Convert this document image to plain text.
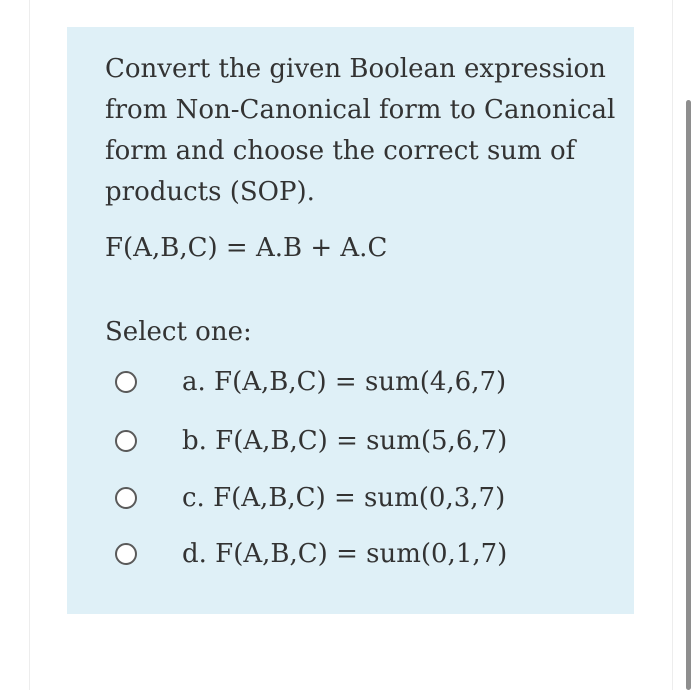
Convert the given Boolean expression from Non-Canonical form to Canonical form and choose the correct sum of products (SOP).

F(A,B,C) = A.B + A.C

Select one:

a. F(A,B,C) = sum(4,6,7)
b. F(A,B,C) = sum(5,6,7)
c. F(A,B,C) = sum(0,3,7)
d. F(A,B,C) = sum(0,1,7)
